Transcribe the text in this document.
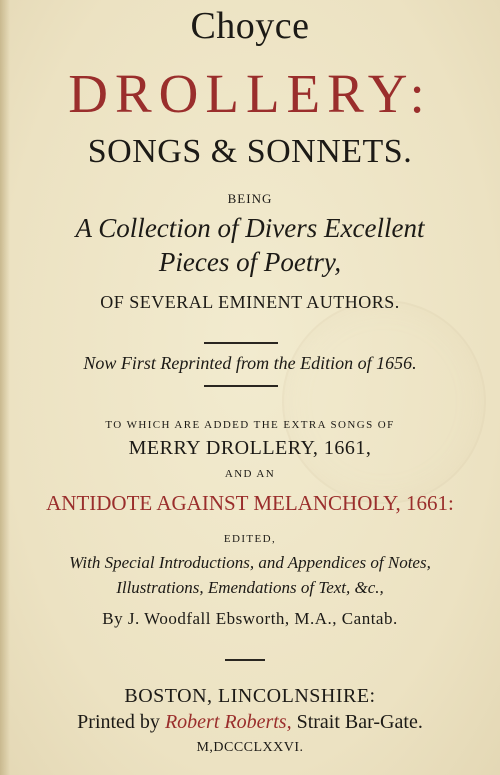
Choyce
DROLLERY:
SONGS & SONNETS.
BEING
A Collection of Divers Excellent
Pieces of Poetry,
OF SEVERAL EMINENT AUTHORS.
Now First Reprinted from the Edition of 1656.
TO WHICH ARE ADDED THE EXTRA SONGS OF
MERRY DROLLERY, 1661,
AND AN
ANTIDOTE AGAINST MELANCHOLY, 1661:
EDITED,
With Special Introductions, and Appendices of Notes,
Illustrations, Emendations of Text, &c.,
By J. Woodfall Ebsworth, M.A., Cantab.
BOSTON, LINCOLNSHIRE:
Printed by Robert Roberts, Strait Bar-Gate.
M,DCCCLXXVI.
